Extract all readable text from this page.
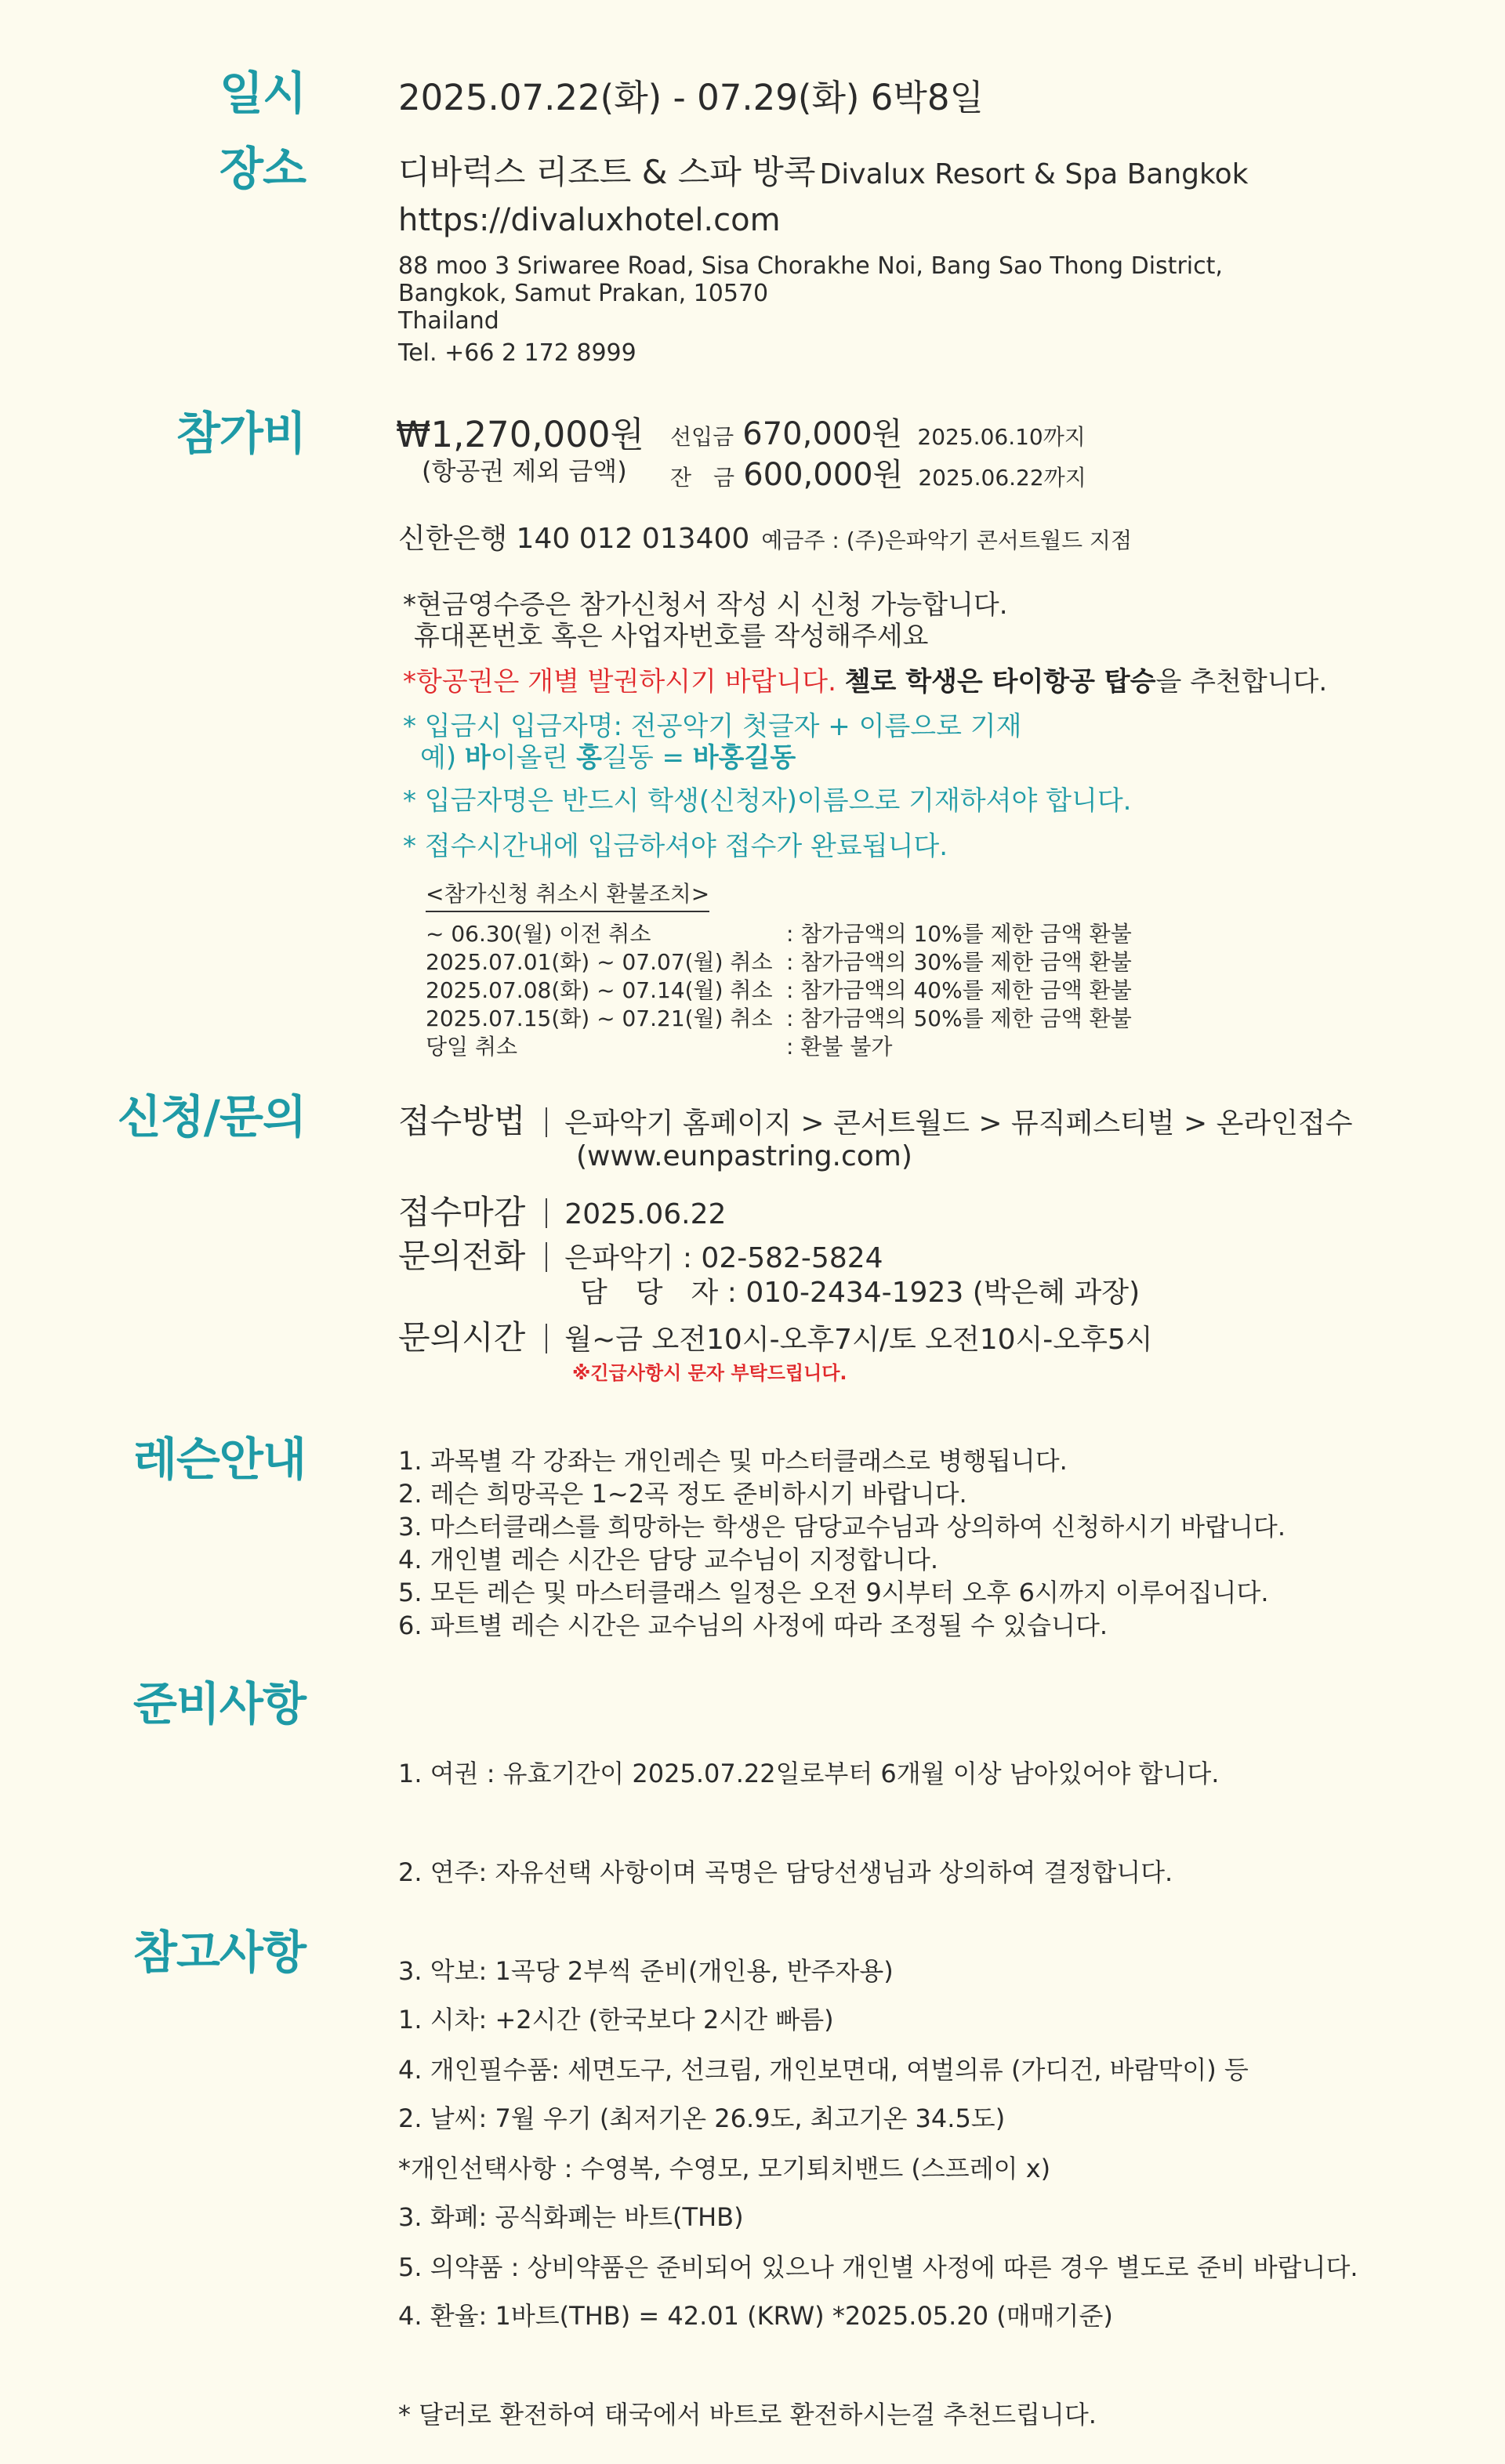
일시	2025.07.22(화) - 07.29(화) 6박8일
장소	디바럭스 리조트 & 스파 방콕 Divalux Resort & Spa Bangkok
https://divaluxhotel.com
88 moo 3 Sriwaree Road, Sisa Chorakhe Noi, Bang Sao Thong District,
Bangkok, Samut Prakan, 10570
Thailand
Tel. +66 2 172 8999
참가비	₩1,270,000원
(항공권 제외 금액)
선입금 670,000원 2025.06.10까지
잔　금 600,000원 2025.06.22까지
신한은행 140 012 013400 예금주 : (주)은파악기 콘서트월드 지점
*현금영수증은 참가신청서 작성 시 신청 가능합니다.
휴대폰번호 혹은 사업자번호를 작성해주세요
*항공권은 개별 발권하시기 바랍니다. 첼로 학생은 타이항공 탑승을 추천합니다.
* 입금시 입금자명: 전공악기 첫글자 + 이름으로 기재
예) 바이올린 홍길동 = 바홍길동
* 입금자명은 반드시 학생(신청자)이름으로 기재하셔야 합니다.
* 접수시간내에 입금하셔야 접수가 완료됩니다.
<참가신청 취소시 환불조치>
~ 06.30(월) 이전 취소	: 참가금액의 10%를 제한 금액 환불
2025.07.01(화) ~ 07.07(월) 취소 : 참가금액의 30%를 제한 금액 환불
2025.07.08(화) ~ 07.14(월) 취소 : 참가금액의 40%를 제한 금액 환불
2025.07.15(화) ~ 07.21(월) 취소 : 참가금액의 50%를 제한 금액 환불
당일 취소	: 환불 불가
신청/문의	접수방법 은파악기 홈페이지 > 콘서트월드 > 뮤직페스티벌 > 온라인접수
(www.eunpastring.com)
접수마감 2025.06.22
문의전화 은파악기 : 02-582-5824
담　당　자 : 010-2434-1923 (박은혜 과장)
문의시간 월~금 오전10시-오후7시/토 오전10시-오후5시
※긴급사항시 문자 부탁드립니다.
레슨안내	1. 과목별 각 강좌는 개인레슨 및 마스터클래스로 병행됩니다.
2. 레슨 희망곡은 1~2곡 정도 준비하시기 바랍니다.
3. 마스터클래스를 희망하는 학생은 담당교수님과 상의하여 신청하시기 바랍니다.
4. 개인별 레슨 시간은 담당 교수님이 지정합니다.
5. 모든 레슨 및 마스터클래스 일정은 오전 9시부터 오후 6시까지 이루어집니다.
6. 파트별 레슨 시간은 교수님의 사정에 따라 조정될 수 있습니다.
준비사항

1. 여권 : 유효기간이 2025.07.22일로부터 6개월 이상 남아있어야 합니다.

2. 연주: 자유선택 사항이며 곡명은 담당선생님과 상의하여 결정합니다.

3. 악보: 1곡당 2부씩 준비(개인용, 반주자용)

4. 개인필수품: 세면도구, 선크림, 개인보면대, 여벌의류 (가디건, 바람막이) 등

*개인선택사항 : 수영복, 수영모, 모기퇴치밴드 (스프레이 x)

5. 의약품 : 상비약품은 준비되어 있으나 개인별 사정에 따른 경우 별도로 준비 바랍니다.

참고사항

1. 시차: +2시간 (한국보다 2시간 빠름)

2. 날씨: 7월 우기 (최저기온 26.9도, 최고기온 34.5도)

3. 화폐: 공식화폐는 바트(THB)

4. 환율: 1바트(THB) = 42.01 (KRW) *2025.05.20 (매매기준)

* 달러로 환전하여 태국에서 바트로 환전하시는걸 추천드립니다.
